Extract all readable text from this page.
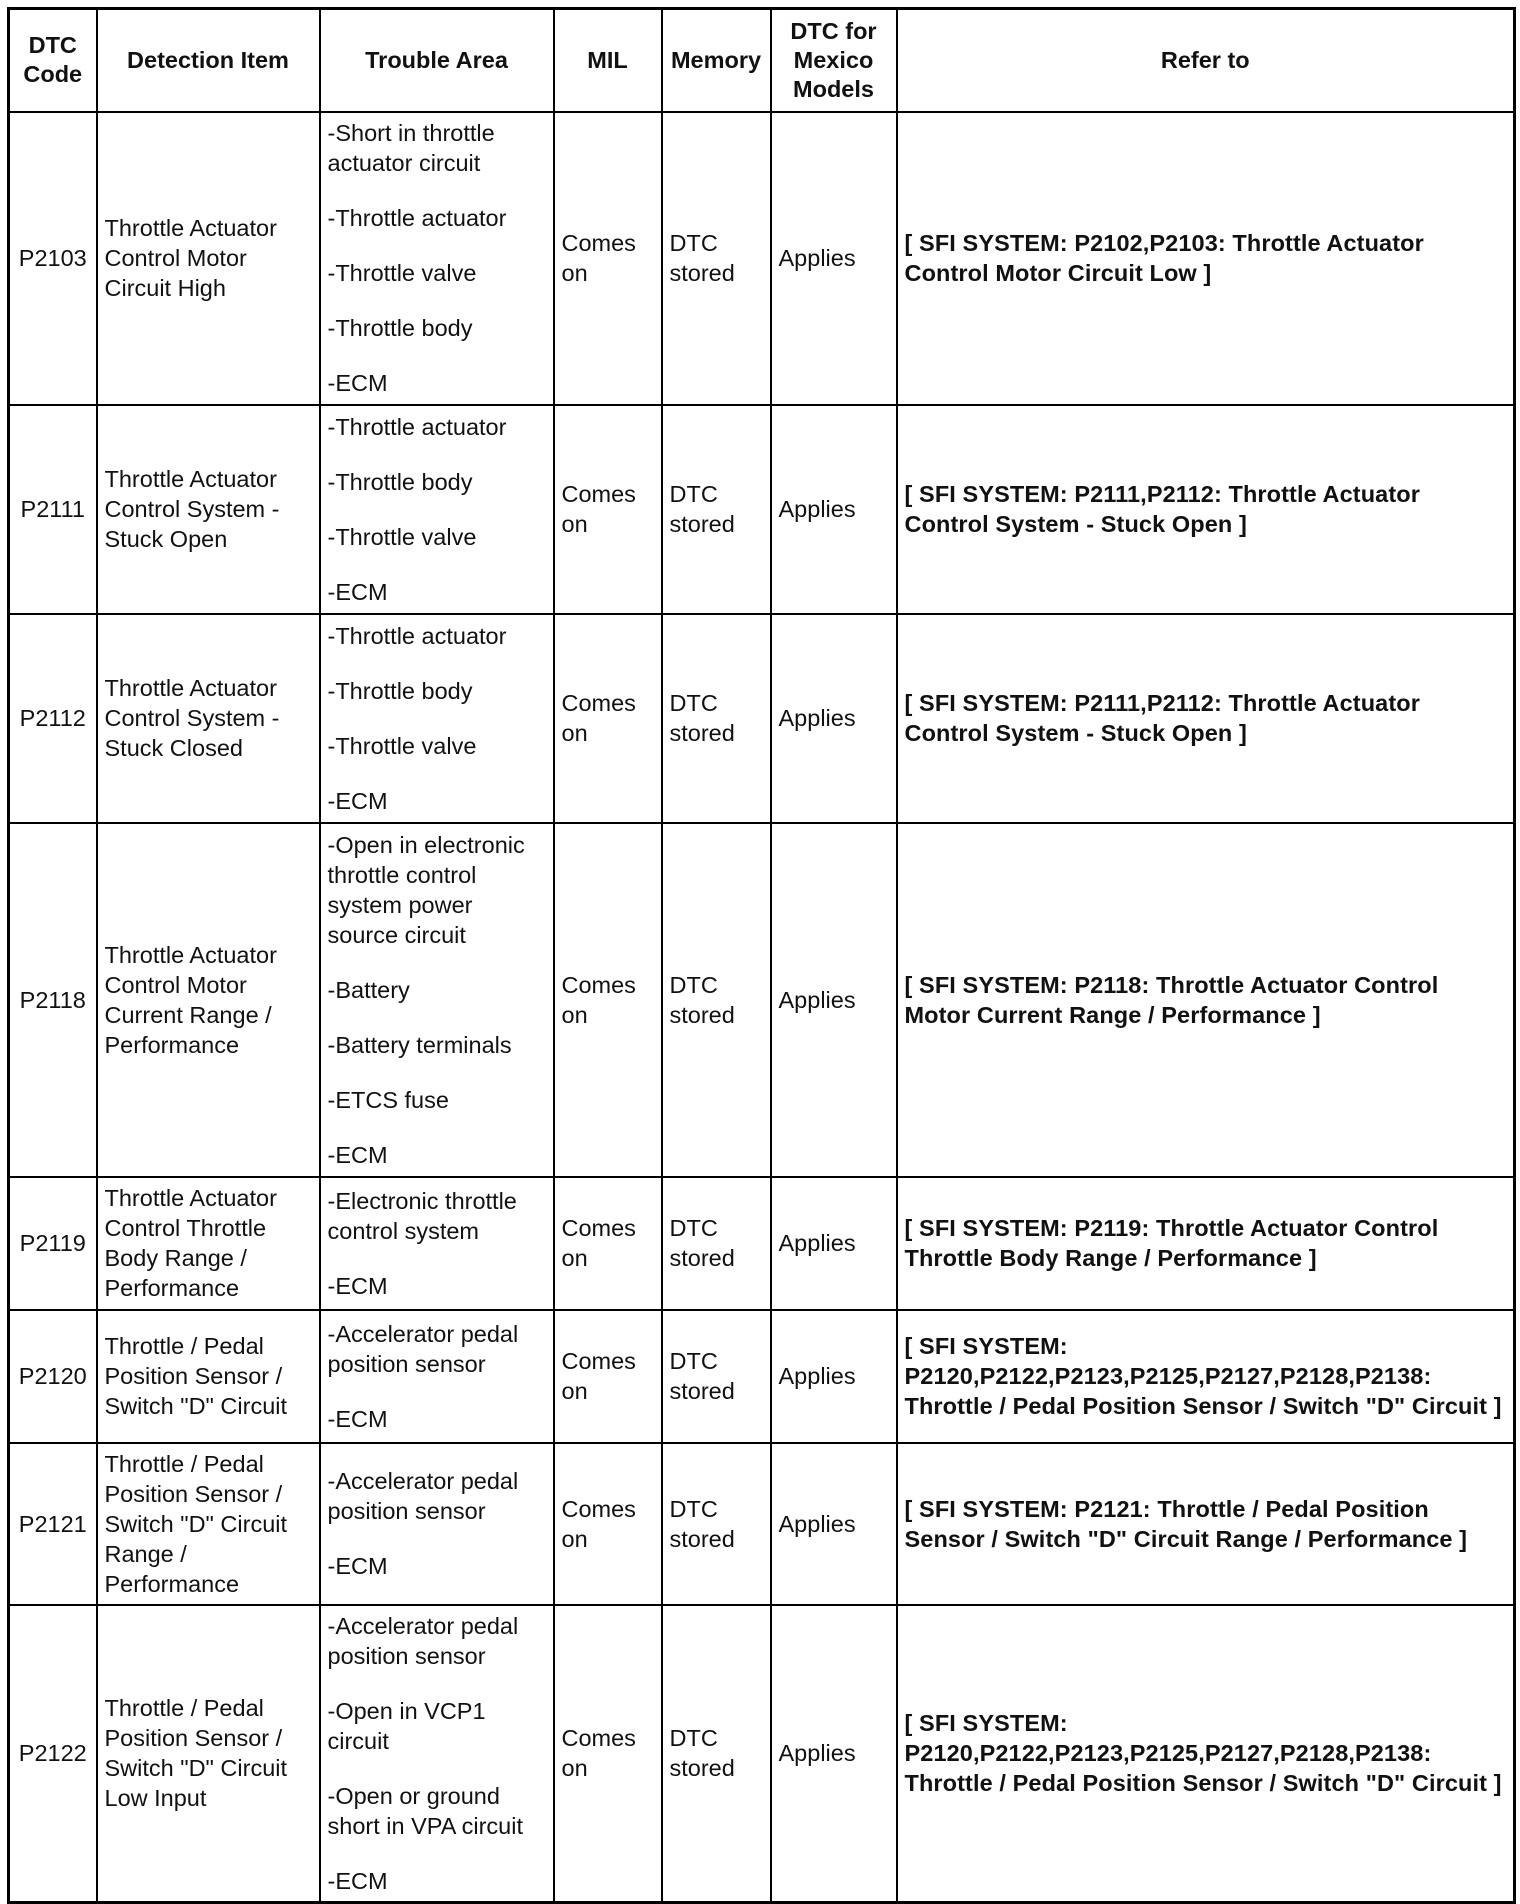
DTC Code	Detection Item	Trouble Area	MIL	Memory	DTC for Mexico Models	Refer to
P2103	Throttle Actuator Control Motor Circuit High	-Short in throttle actuator circuit
-Throttle actuator
-Throttle valve
-Throttle body
-ECM	Comes on	DTC stored	Applies	[ SFI SYSTEM: P2102,P2103: Throttle Actuator Control Motor Circuit Low ]
P2111	Throttle Actuator Control System - Stuck Open	-Throttle actuator
-Throttle body
-Throttle valve
-ECM	Comes on	DTC stored	Applies	[ SFI SYSTEM: P2111,P2112: Throttle Actuator Control System - Stuck Open ]
P2112	Throttle Actuator Control System - Stuck Closed	-Throttle actuator
-Throttle body
-Throttle valve
-ECM	Comes on	DTC stored	Applies	[ SFI SYSTEM: P2111,P2112: Throttle Actuator Control System - Stuck Open ]
P2118	Throttle Actuator Control Motor Current Range / Performance	-Open in electronic throttle control system power source circuit
-Battery
-Battery terminals
-ETCS fuse
-ECM	Comes on	DTC stored	Applies	[ SFI SYSTEM: P2118: Throttle Actuator Control Motor Current Range / Performance ]
P2119	Throttle Actuator Control Throttle Body Range / Performance	-Electronic throttle control system
-ECM	Comes on	DTC stored	Applies	[ SFI SYSTEM: P2119: Throttle Actuator Control Throttle Body Range / Performance ]
P2120	Throttle / Pedal Position Sensor / Switch "D" Circuit	-Accelerator pedal position sensor
-ECM	Comes on	DTC stored	Applies	[ SFI SYSTEM: P2120,P2122,P2123,P2125,P2127,P2128,P2138: Throttle / Pedal Position Sensor / Switch "D" Circuit ]
P2121	Throttle / Pedal Position Sensor / Switch "D" Circuit Range / Performance	-Accelerator pedal position sensor
-ECM	Comes on	DTC stored	Applies	[ SFI SYSTEM: P2121: Throttle / Pedal Position Sensor / Switch "D" Circuit Range / Performance ]
P2122	Throttle / Pedal Position Sensor / Switch "D" Circuit Low Input	-Accelerator pedal position sensor
-Open in VCP1 circuit
-Open or ground short in VPA circuit
-ECM	Comes on	DTC stored	Applies	[ SFI SYSTEM: P2120,P2122,P2123,P2125,P2127,P2128,P2138: Throttle / Pedal Position Sensor / Switch "D" Circuit ]
